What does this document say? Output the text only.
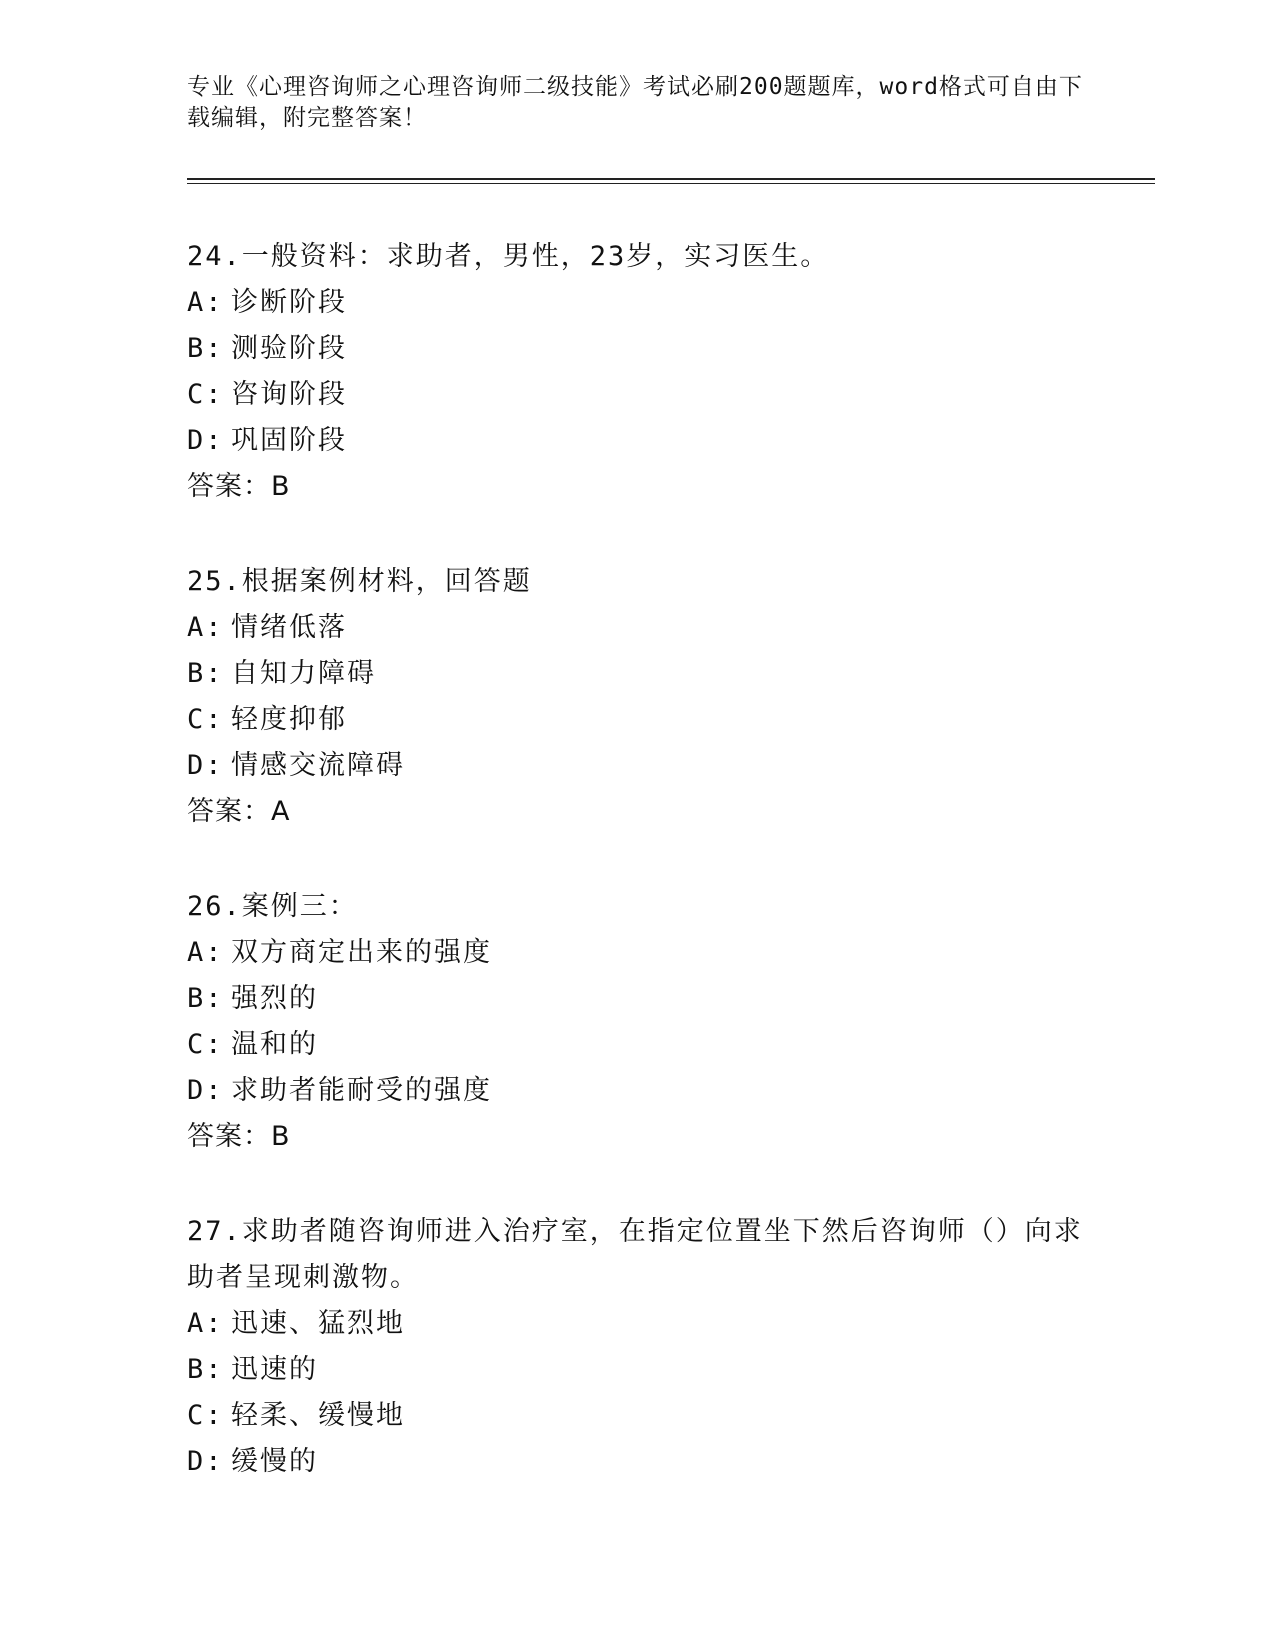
专业《心理咨询师之心理咨询师二级技能》考试必刷200题题库，word格式可自由下载编辑，附完整答案！
24.一般资料：求助者，男性，23岁，实习医生。
A: 诊断阶段
B: 测验阶段
C: 咨询阶段
D: 巩固阶段
答案：B
25.根据案例材料，回答题
A: 情绪低落
B: 自知力障碍
C: 轻度抑郁
D: 情感交流障碍
答案：A
26.案例三：
A: 双方商定出来的强度
B: 强烈的
C: 温和的
D: 求助者能耐受的强度
答案：B
27.求助者随咨询师进入治疗室，在指定位置坐下然后咨询师（）向求助者呈现刺激物。
A: 迅速、猛烈地
B: 迅速的
C: 轻柔、缓慢地
D: 缓慢的
